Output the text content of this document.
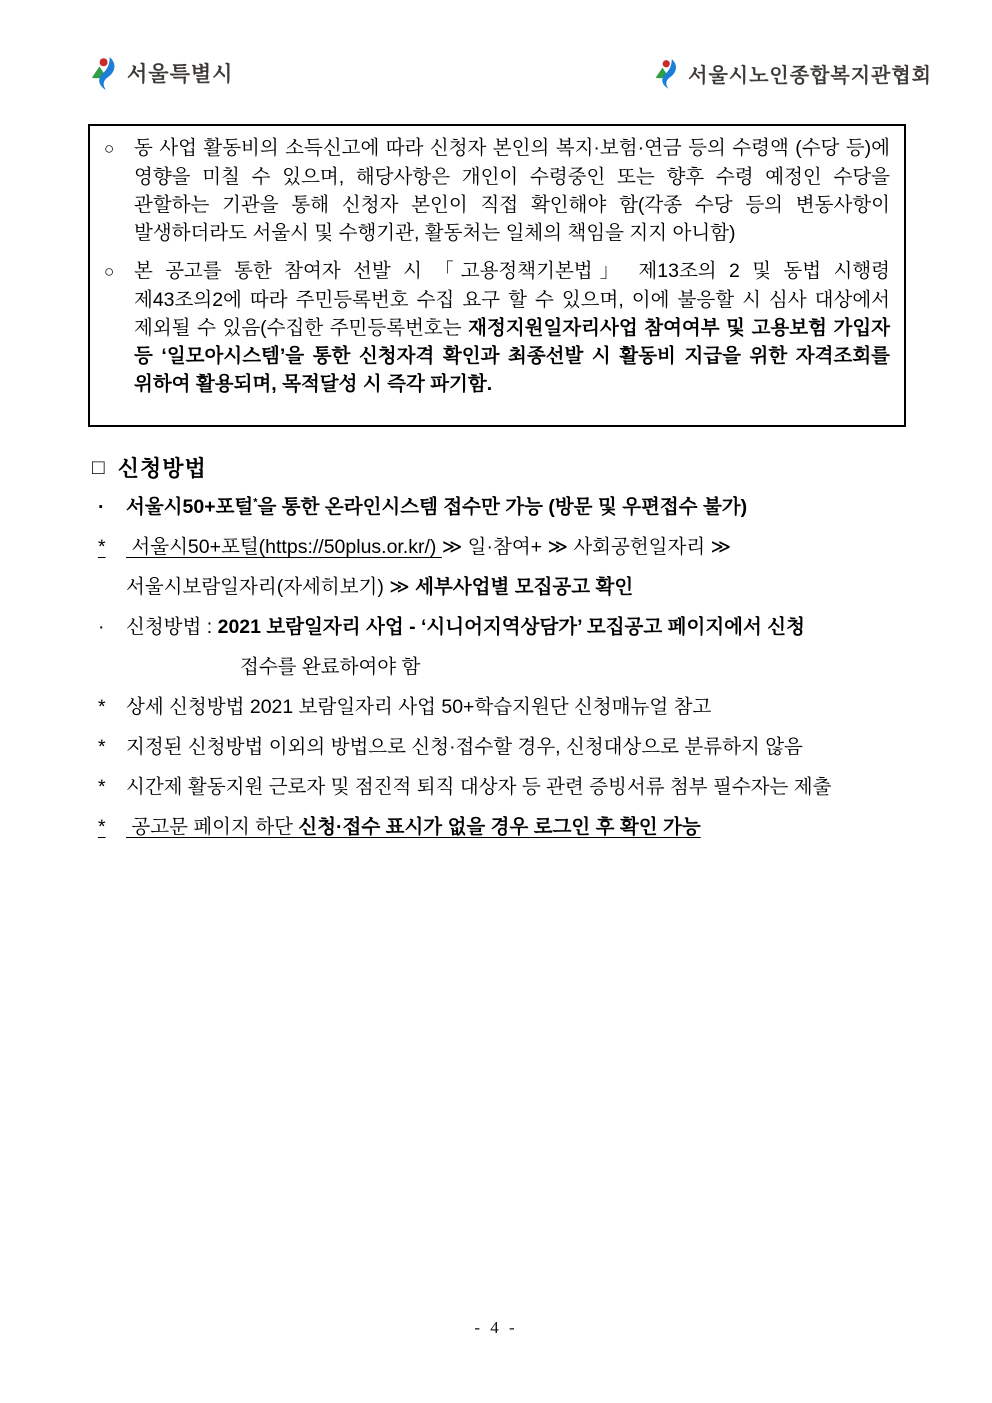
서울특별시	서울시노인종합복지관협회

○ 동 사업 활동비의 소득신고에 따라 신청자 본인의 복지·보험·연금 등의 수령액 (수당 등)에 영향을 미칠 수 있으며, 해당사항은 개인이 수령중인 또는 향후 수령 예정인 수당을 관할하는 기관을 통해 신청자 본인이 직접 확인해야 함(각종 수당 등의 변동사항이 발생하더라도 서울시 및 수행기관, 활동처는 일체의 책임을 지지 아니함)

○ 본 공고를 통한 참여자 선발 시 「고용정책기본법」 제13조의 2 및 동법 시행령 제43조의2에 따라 주민등록번호 수집 요구 할 수 있으며, 이에 불응할 시 심사 대상에서 제외될 수 있음(수집한 주민등록번호는 재정지원일자리사업 참여여부 및 고용보험 가입자 등 ‘일모아시스템’을 통한 신청자격 확인과 최종선발 시 활동비 지급을 위한 자격조회를 위하여 활용되며, 목적달성 시 즉각 파기함.

□ 신청방법
· 서울시50+포털*을 통한 온라인시스템 접수만 가능 (방문 및 우편접수 불가)
* 서울시50+포털(https://50plus.or.kr/) ≫ 일·참여+ ≫ 사회공헌일자리 ≫
서울시보람일자리(자세히보기) ≫ 세부사업별 모집공고 확인
· 신청방법 : 2021 보람일자리 사업 - ‘시니어지역상담가’ 모집공고 페이지에서 신청
접수를 완료하여야 함
* 상세 신청방법 2021 보람일자리 사업 50+학습지원단 신청매뉴얼 참고
* 지정된 신청방법 이외의 방법으로 신청·접수할 경우, 신청대상으로 분류하지 않음
* 시간제 활동지원 근로자 및 점진적 퇴직 대상자 등 관련 증빙서류 첨부 필수자는 제출
* 공고문 페이지 하단 신청·접수 표시가 없을 경우 로그인 후 확인 가능
- 4 -
